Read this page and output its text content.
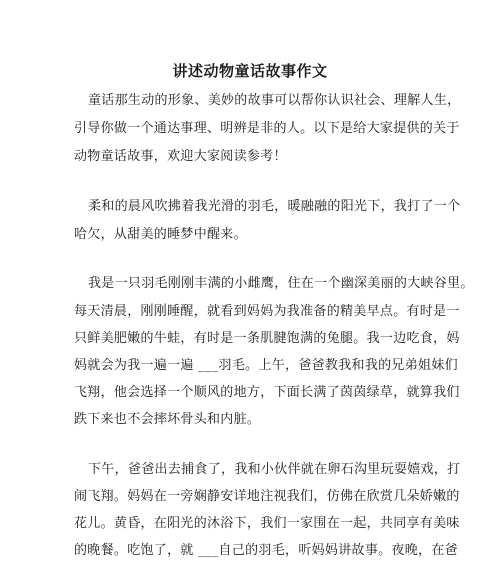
讲述动物童话故事作文
童话那生动的形象、美妙的故事可以帮你认识社会、理解人生，
引导你做一个通达事理、明辨是非的人。以下是给大家提供的关于
动物童话故事，欢迎大家阅读参考！
柔和的晨风吹拂着我光滑的羽毛，暖融融的阳光下，我打了一个
哈欠，从甜美的睡梦中醒来。
我是一只羽毛刚刚丰满的小雌鹰，住在一个幽深美丽的大峡谷里。
每天清晨，刚刚睡醒，就看到妈妈为我准备的精美早点。有时是一
只鲜美肥嫩的牛蛙，有时是一条肌腱饱满的兔腿。我一边吃食，妈
妈就会为我一遍一遍 ___羽毛。上午，爸爸教我和我的兄弟姐妹们
飞翔，他会选择一个顺风的地方，下面长满了茵茵绿草，就算我们
跌下来也不会摔坏骨头和内脏。
下午，爸爸出去捕食了，我和小伙伴就在卵石沟里玩耍嬉戏，打
闹飞翔。妈妈在一旁娴静安详地注视我们，仿佛在欣赏几朵娇嫩的
花儿。黄昏，在阳光的沐浴下，我们一家围在一起，共同享有美味
的晚餐。吃饱了，就 ___自己的羽毛，听妈妈讲故事。夜晚，在爸
